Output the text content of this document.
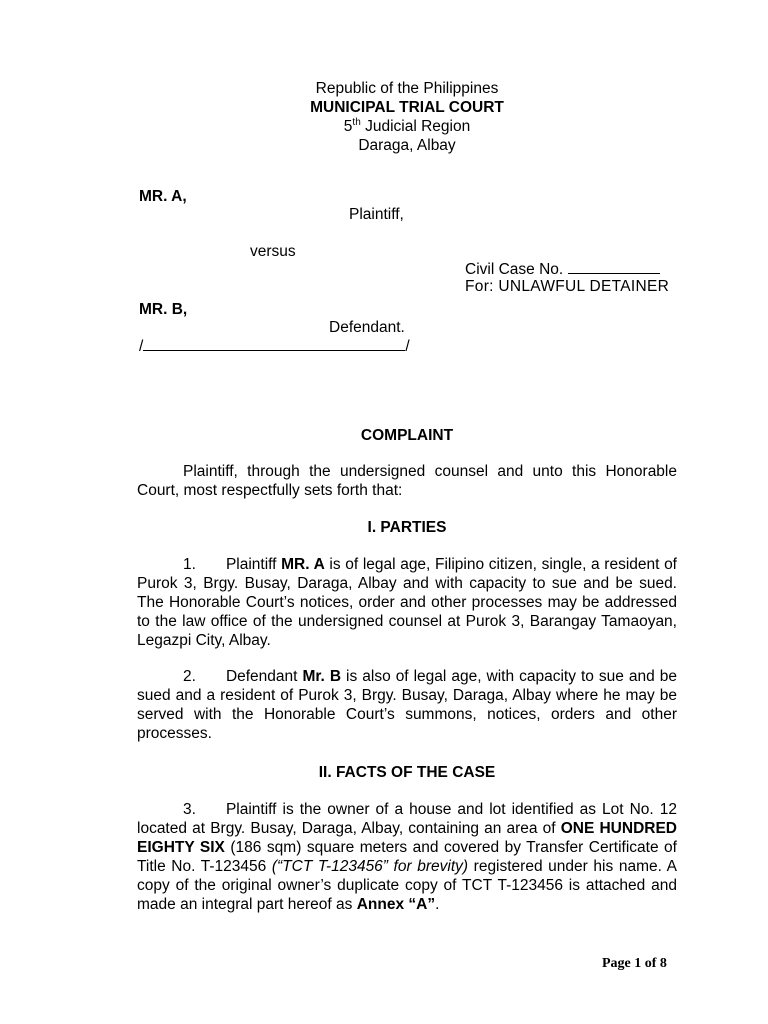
Republic of the Philippines
MUNICIPAL TRIAL COURT
5th Judicial Region
Daraga, Albay
MR. A,
Plaintiff,
versus
Civil Case No.
For: UNLAWFUL DETAINER
MR. B,
Defendant.
/	/
COMPLAINT
Plaintiff, through the undersigned counsel and unto this Honorable Court, most respectfully sets forth that:
I. PARTIES
1. Plaintiff MR. A is of legal age, Filipino citizen, single, a resident of Purok 3, Brgy. Busay, Daraga, Albay and with capacity to sue and be sued. The Honorable Court’s notices, order and other processes may be addressed to the law office of the undersigned counsel at Purok 3, Barangay Tamaoyan, Legazpi City, Albay.
2. Defendant Mr. B is also of legal age, with capacity to sue and be sued and a resident of Purok 3, Brgy. Busay, Daraga, Albay where he may be served with the Honorable Court’s summons, notices, orders and other processes.
II. FACTS OF THE CASE
3. Plaintiff is the owner of a house and lot identified as Lot No. 12 located at Brgy. Busay, Daraga, Albay, containing an area of ONE HUNDRED EIGHTY SIX (186 sqm) square meters and covered by Transfer Certificate of Title No. T-123456 (“TCT T-123456” for brevity) registered under his name. A copy of the original owner’s duplicate copy of TCT T-123456 is attached and made an integral part hereof as Annex “A”.
Page 1 of 8
